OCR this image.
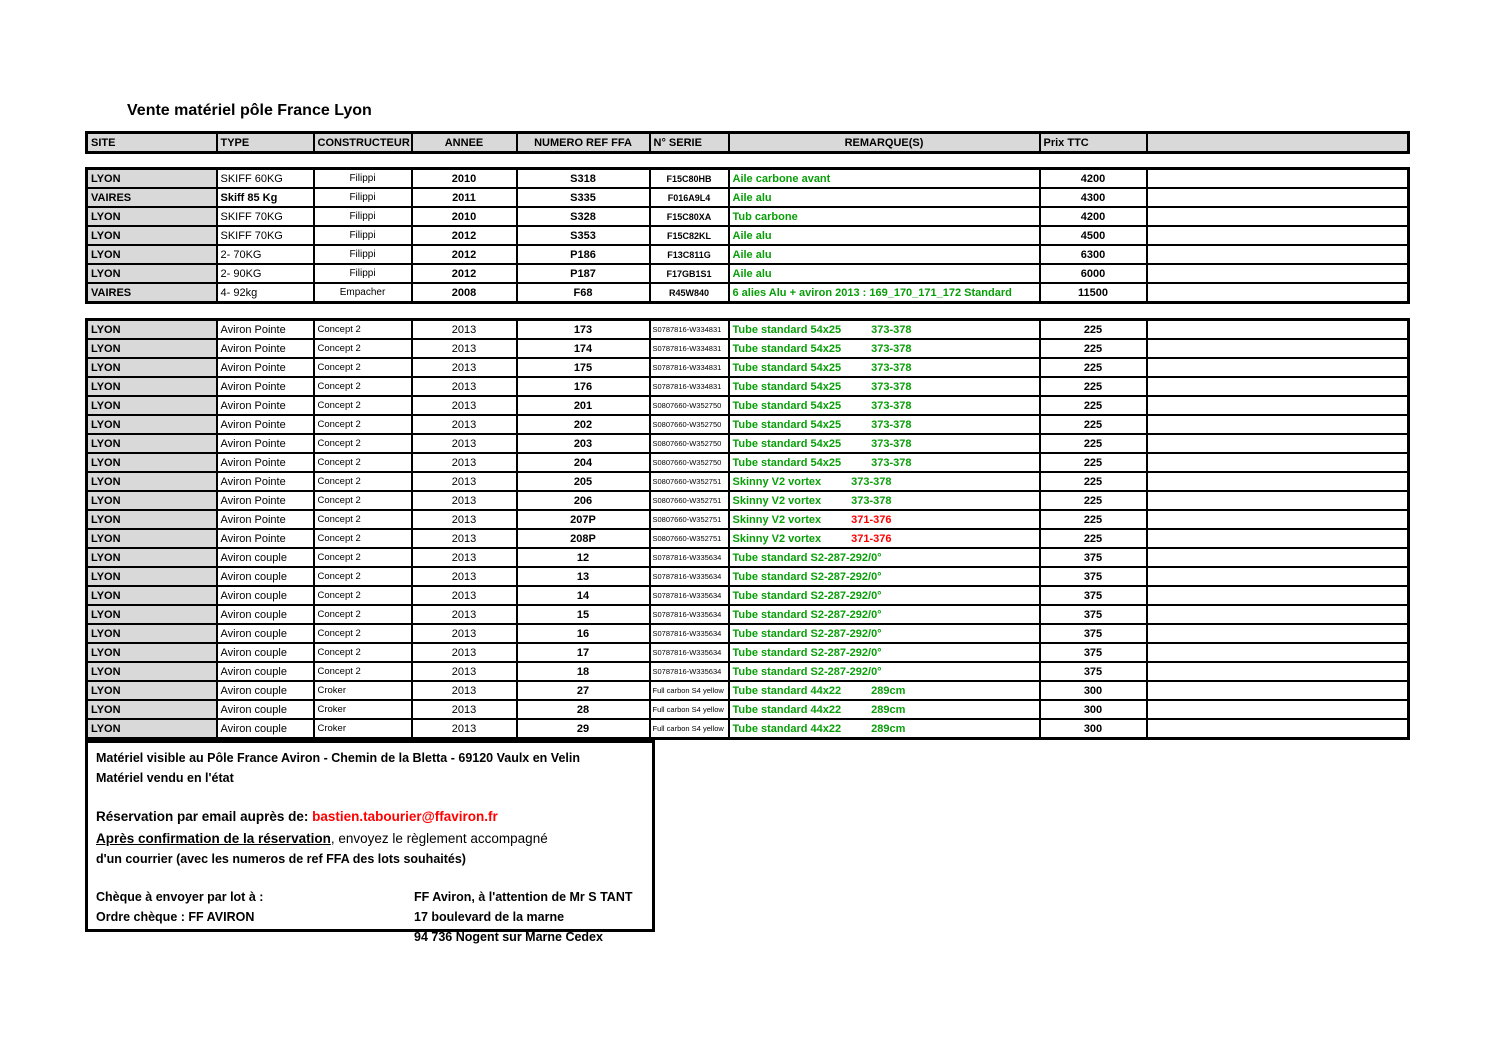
Vente matériel pôle France Lyon
SITE	TYPE	CONSTRUCTEUR	ANNEE	NUMERO REF FFA	N° SERIE	REMARQUE(S)	Prix TTC	
LYON	SKIFF 60KG	Filippi	2010	S318	F15C80HB	Aile carbone avant	4200	
VAIRES	Skiff 85 Kg	Filippi	2011	S335	F016A9L4	Aile alu	4300	
LYON	SKIFF 70KG	Filippi	2010	S328	F15C80XA	Tub carbone	4200	
LYON	SKIFF 70KG	Filippi	2012	S353	F15C82KL	Aile alu	4500	
LYON	2- 70KG	Filippi	2012	P186	F13C811G	Aile alu	6300	
LYON	2- 90KG	Filippi	2012	P187	F17GB1S1	Aile alu	6000	
VAIRES	4- 92kg	Empacher	2008	F68	R45W840	6 alies Alu + aviron 2013 : 169_170_171_172 Standard	11500	
LYON	Aviron Pointe	Concept 2	2013	173	S0787816-W334831	Tube standard 54x25 373-378	225	
LYON	Aviron Pointe	Concept 2	2013	174	S0787816-W334831	Tube standard 54x25 373-378	225	
LYON	Aviron Pointe	Concept 2	2013	175	S0787816-W334831	Tube standard 54x25 373-378	225	
LYON	Aviron Pointe	Concept 2	2013	176	S0787816-W334831	Tube standard 54x25 373-378	225	
LYON	Aviron Pointe	Concept 2	2013	201	S0807660-W352750	Tube standard 54x25 373-378	225	
LYON	Aviron Pointe	Concept 2	2013	202	S0807660-W352750	Tube standard 54x25 373-378	225	
LYON	Aviron Pointe	Concept 2	2013	203	S0807660-W352750	Tube standard 54x25 373-378	225	
LYON	Aviron Pointe	Concept 2	2013	204	S0807660-W352750	Tube standard 54x25 373-378	225	
LYON	Aviron Pointe	Concept 2	2013	205	S0807660-W352751	Skinny V2 vortex 373-378	225	
LYON	Aviron Pointe	Concept 2	2013	206	S0807660-W352751	Skinny V2 vortex 373-378	225	
LYON	Aviron Pointe	Concept 2	2013	207P	S0807660-W352751	Skinny V2 vortex 371-376	225	
LYON	Aviron Pointe	Concept 2	2013	208P	S0807660-W352751	Skinny V2 vortex 371-376	225	
LYON	Aviron couple	Concept 2	2013	12	S0787816-W335634	Tube standard S2-287-292/0°	375	
LYON	Aviron couple	Concept 2	2013	13	S0787816-W335634	Tube standard S2-287-292/0°	375	
LYON	Aviron couple	Concept 2	2013	14	S0787816-W335634	Tube standard S2-287-292/0°	375	
LYON	Aviron couple	Concept 2	2013	15	S0787816-W335634	Tube standard S2-287-292/0°	375	
LYON	Aviron couple	Concept 2	2013	16	S0787816-W335634	Tube standard S2-287-292/0°	375	
LYON	Aviron couple	Concept 2	2013	17	S0787816-W335634	Tube standard S2-287-292/0°	375	
LYON	Aviron couple	Concept 2	2013	18	S0787816-W335634	Tube standard S2-287-292/0°	375	
LYON	Aviron couple	Croker	2013	27	Full carbon S4 yellow	Tube standard 44x22 289cm	300	
LYON	Aviron couple	Croker	2013	28	Full carbon S4 yellow	Tube standard 44x22 289cm	300	
LYON	Aviron couple	Croker	2013	29	Full carbon S4 yellow	Tube standard 44x22 289cm	300	
Matériel visible au Pôle France Aviron - Chemin de la Bletta - 69120 Vaulx en Velin
Matériel vendu en l'état
Réservation par email auprès de: bastien.tabourier@ffaviron.fr
Après confirmation de la réservation, envoyez le règlement accompagné
d'un courrier (avec les numeros de ref FFA des lots souhaités)
Chèque à envoyer par lot à :
Ordre chèque : FF AVIRON
FF Aviron, à l'attention de Mr S TANT
17 boulevard de la marne
94 736 Nogent sur Marne Cedex
